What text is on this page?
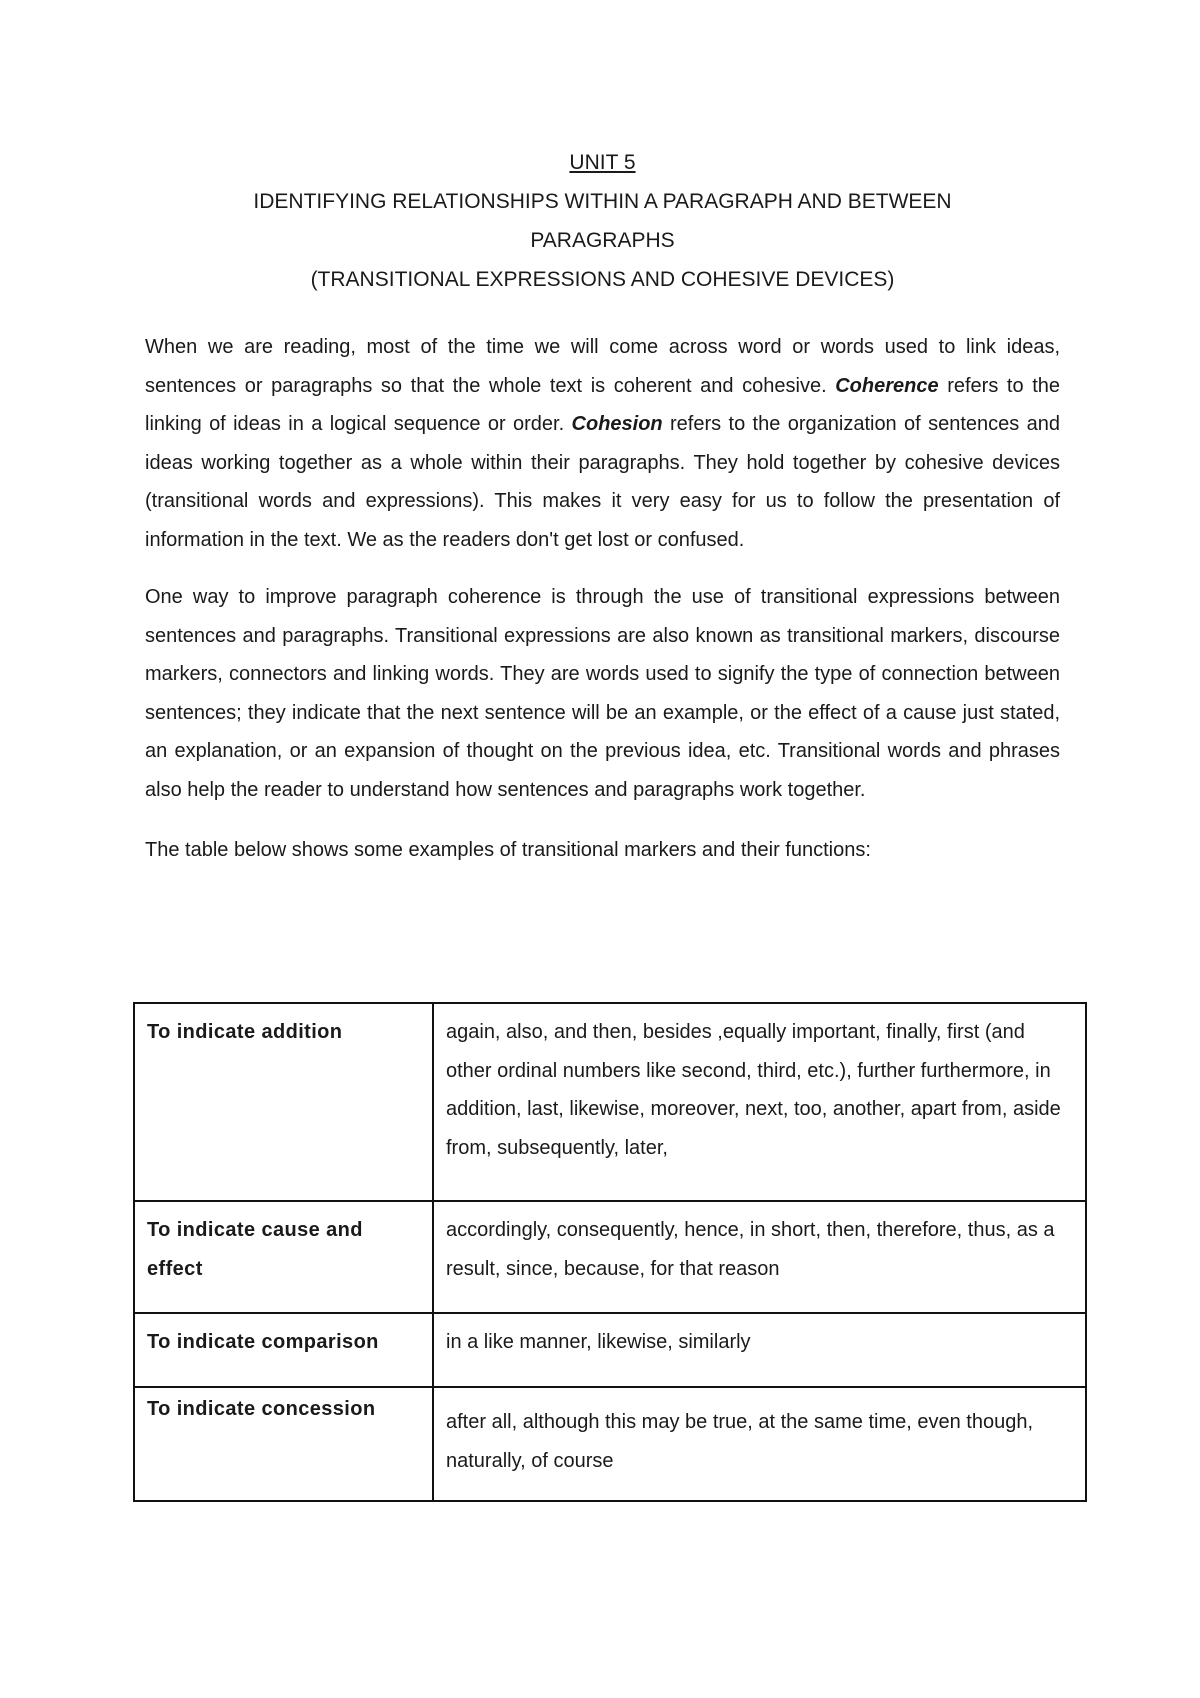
UNIT 5
IDENTIFYING RELATIONSHIPS WITHIN A PARAGRAPH AND BETWEEN
PARAGRAPHS
(TRANSITIONAL EXPRESSIONS AND COHESIVE DEVICES)

When we are reading, most of the time we will come across word or words used to link ideas, sentences or paragraphs so that the whole text is coherent and cohesive. Coherence refers to the linking of ideas in a logical sequence or order. Cohesion refers to the organization of sentences and ideas working together as a whole within their paragraphs. They hold together by cohesive devices (transitional words and expressions). This makes it very easy for us to follow the presentation of information in the text. We as the readers don't get lost or confused.

One way to improve paragraph coherence is through the use of transitional expressions between sentences and paragraphs. Transitional expressions are also known as transitional markers, discourse markers, connectors and linking words. They are words used to signify the type of connection between sentences; they indicate that the next sentence will be an example, or the effect of a cause just stated, an explanation, or an expansion of thought on the previous idea, etc. Transitional words and phrases also help the reader to understand how sentences and paragraphs work together.

The table below shows some examples of transitional markers and their functions:

To indicate addition	again, also, and then, besides ,equally important, finally, first (and other ordinal numbers like second, third, etc.), further furthermore, in addition, last, likewise, moreover, next, too, another, apart from, aside from, subsequently, later,
To indicate cause and effect	accordingly, consequently, hence, in short, then, therefore, thus, as a result, since, because, for that reason
To indicate comparison	in a like manner, likewise, similarly
To indicate concession	after all, although this may be true, at the same time, even though, naturally, of course
